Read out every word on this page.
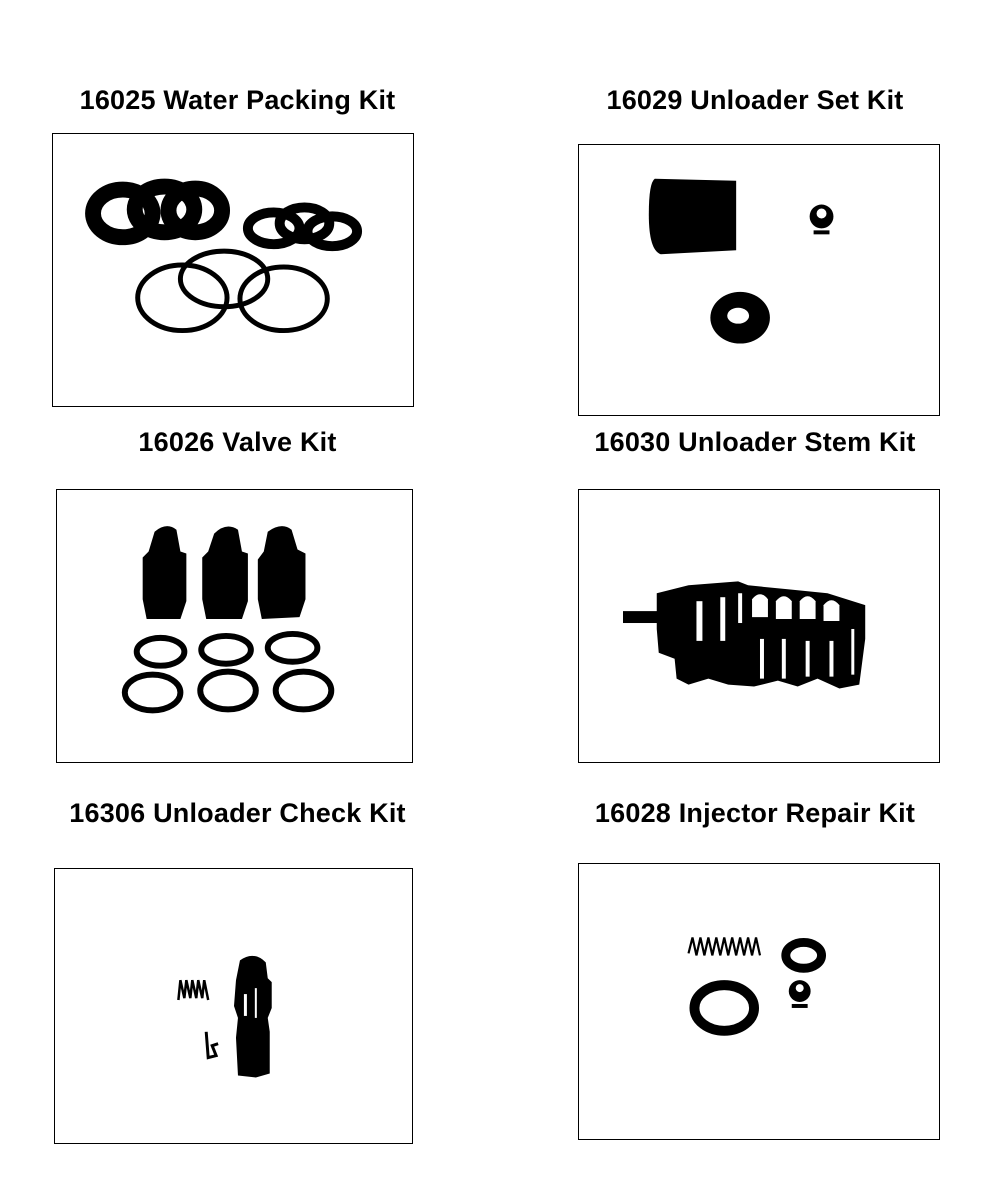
16025 Water Packing Kit	16029 Unloader Set Kit
16026 Valve Kit	16030 Unloader Stem Kit
16306 Unloader Check Kit	16028 Injector Repair Kit
